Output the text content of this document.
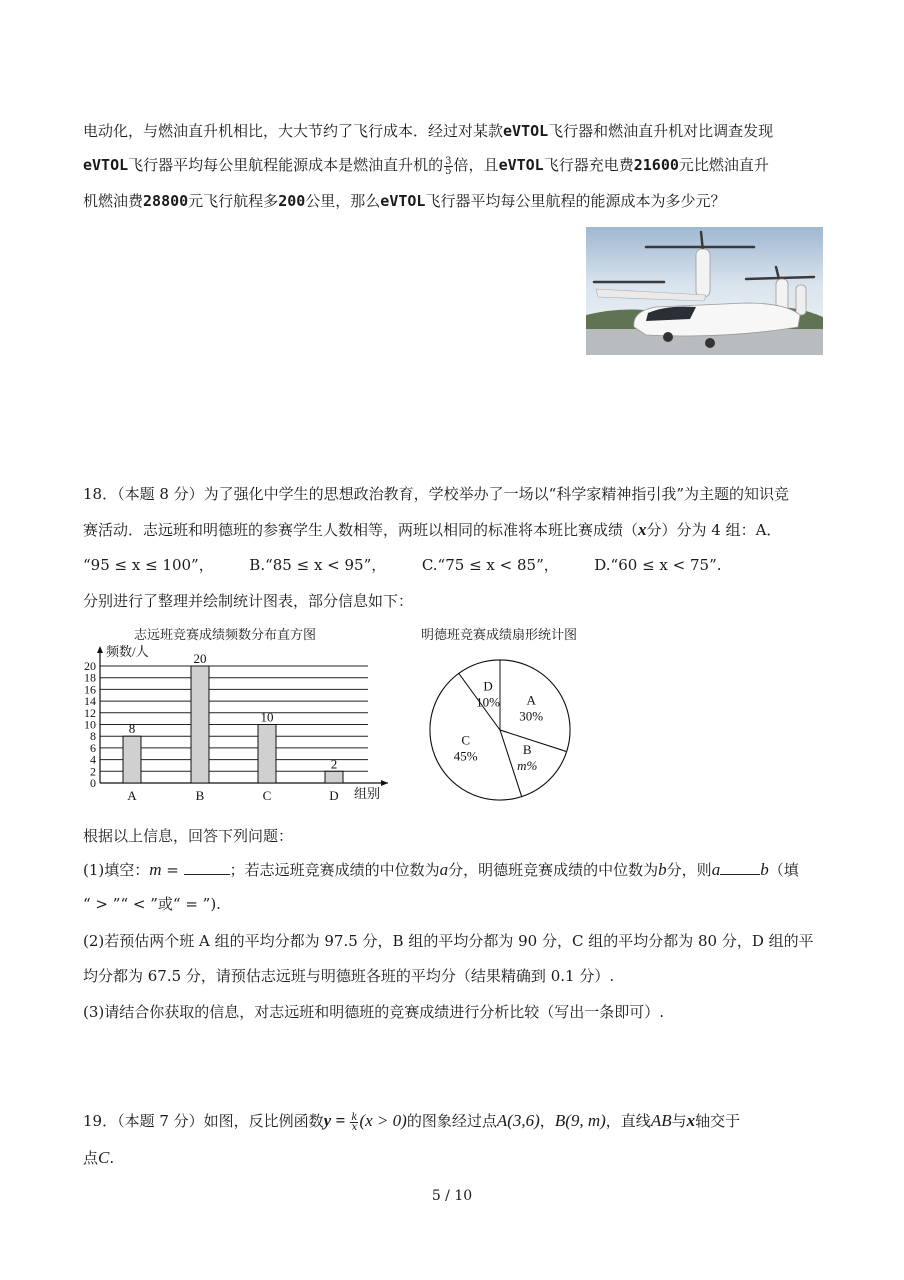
电动化，与燃油直升机相比，大大节约了飞行成本．经过对某款eVTOL飞行器和燃油直升机对比调查发现
eVTOL飞行器平均每公里航程能源成本是燃油直升机的 $\frac{3}{5}$ 倍，且eVTOL飞行器充电费21600元比燃油直升
机燃油费28800元飞行航程多200公里，那么eVTOL飞行器平均每公里航程的能源成本为多少元？
18．（本题 8 分）为了强化中学生的思想政治教育，学校举办了一场以“科学家精神指引我”为主题的知识竞
赛活动．志远班和明德班的参赛学生人数相等，两班以相同的标准将本班比赛成绩（x分）分为 4 组：A．
“95 ≤ x ≤ 100”， B.“85 ≤ x < 95”， C.“75 ≤ x < 85”， D.“60 ≤ x < 75”.
分别进行了整理并绘制统计图表，部分信息如下：
志远班竞赛成绩频数分布直方图	明德班竞赛成绩扇形统计图
0
2
4
6
8
10
12
14
16
18
20
频数/人
组别
8
A
20
B
10
C
2
D
A
30%
B
m%
C
45%
D
10%
根据以上信息，回答下列问题：
(1)填空：m =	；若志远班竞赛成绩的中位数为a分，明德班竞赛成绩的中位数为b分，则a b（填
“ > ”“ < ”或“ = ”).
(2)若预估两个班 A 组的平均分都为 97.5 分，B 组的平均分都为 90 分，C 组的平均分都为 80 分，D 组的平
均分都为 67.5 分，请预估志远班与明德班各班的平均分（结果精确到 0.1 分）.
(3)请结合你获取的信息，对志远班和明德班的竞赛成绩进行分析比较（写出一条即可）.
19．（本题 7 分）如图，反比例函数$y = \frac{k}{x} (x > 0)$的图象经过点A(3,6)，B(9, m)，直线AB与x轴交于
点C.
5 / 10
